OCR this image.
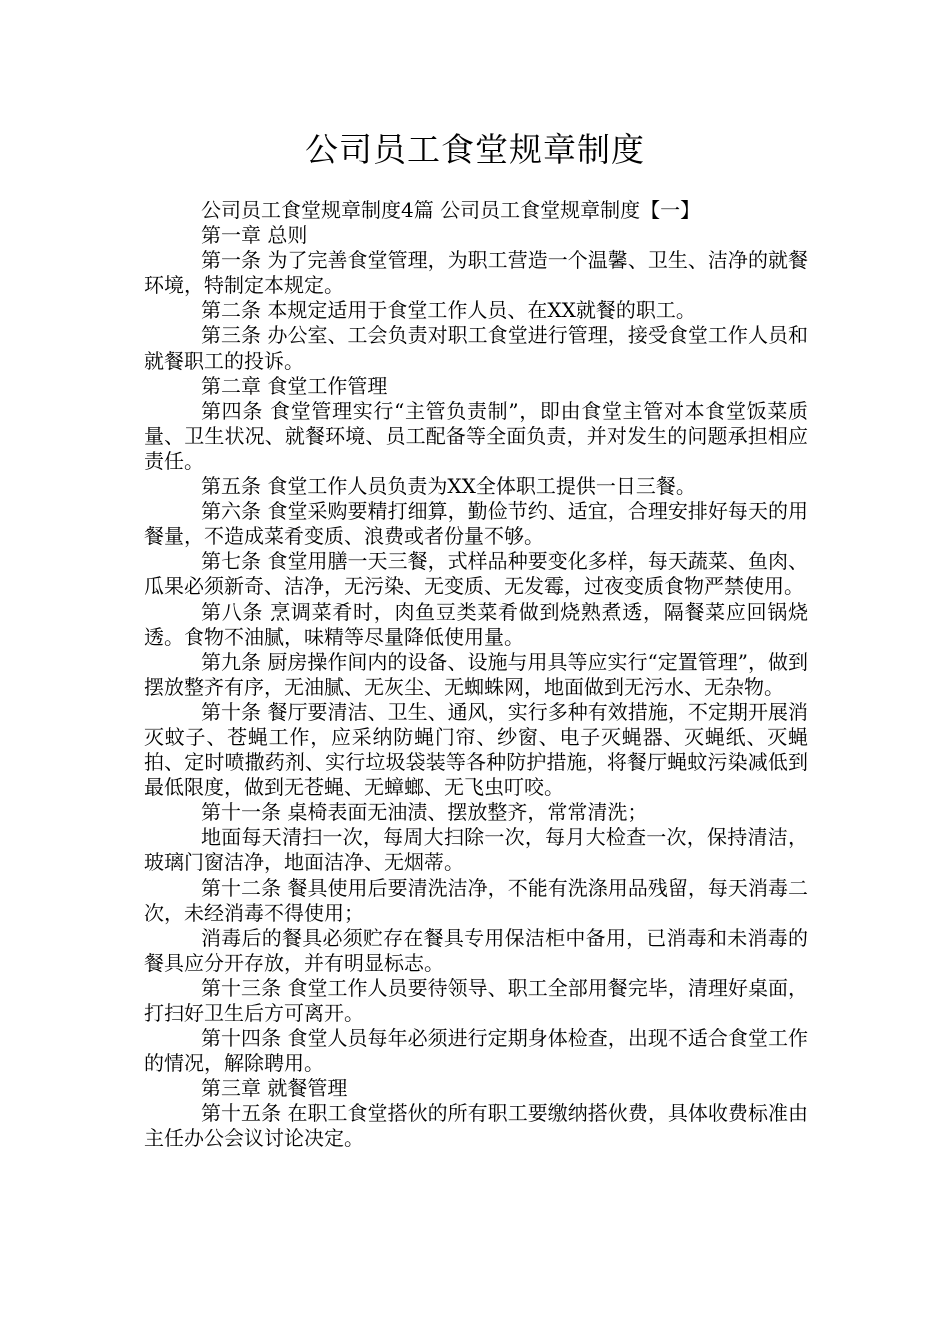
公司员工食堂规章制度

公司员工食堂规章制度4篇 公司员工食堂规章制度【一】

第一章 总则

第一条 为了完善食堂管理，为职工营造一个温馨、卫生、洁净的就餐环境，特制定本规定。

第二条 本规定适用于食堂工作人员、在XX就餐的职工。

第三条 办公室、工会负责对职工食堂进行管理，接受食堂工作人员和就餐职工的投诉。

第二章 食堂工作管理

第四条 食堂管理实行“主管负责制”，即由食堂主管对本食堂饭菜质量、卫生状况、就餐环境、员工配备等全面负责，并对发生的问题承担相应责任。

第五条 食堂工作人员负责为XX全体职工提供一日三餐。

第六条 食堂采购要精打细算，勤俭节约、适宜，合理安排好每天的用餐量，不造成菜肴变质、浪费或者份量不够。

第七条 食堂用膳一天三餐，式样品种要变化多样，每天蔬菜、鱼肉、瓜果必须新奇、洁净，无污染、无变质、无发霉，过夜变质食物严禁使用。

第八条 烹调菜肴时，肉鱼豆类菜肴做到烧熟煮透，隔餐菜应回锅烧透。食物不油腻，味精等尽量降低使用量。

第九条 厨房操作间内的设备、设施与用具等应实行“定置管理”，做到摆放整齐有序，无油腻、无灰尘、无蜘蛛网，地面做到无污水、无杂物。

第十条 餐厅要清洁、卫生、通风，实行多种有效措施，不定期开展消灭蚊子、苍蝇工作，应采纳防蝇门帘、纱窗、电子灭蝇器、灭蝇纸、灭蝇拍、定时喷撒药剂、实行垃圾袋装等各种防护措施，将餐厅蝇蚊污染减低到最低限度，做到无苍蝇、无蟑螂、无飞虫叮咬。

第十一条 桌椅表面无油渍、摆放整齐，常常清洗；

地面每天清扫一次，每周大扫除一次，每月大检查一次，保持清洁，玻璃门窗洁净，地面洁净、无烟蒂。

第十二条 餐具使用后要清洗洁净，不能有洗涤用品残留，每天消毒二次，未经消毒不得使用；

消毒后的餐具必须贮存在餐具专用保洁柜中备用，已消毒和未消毒的餐具应分开存放，并有明显标志。

第十三条 食堂工作人员要待领导、职工全部用餐完毕，清理好桌面，打扫好卫生后方可离开。

第十四条 食堂人员每年必须进行定期身体检查，出现不适合食堂工作的情况，解除聘用。

第三章 就餐管理

第十五条 在职工食堂搭伙的所有职工要缴纳搭伙费，具体收费标准由主任办公会议讨论决定。
